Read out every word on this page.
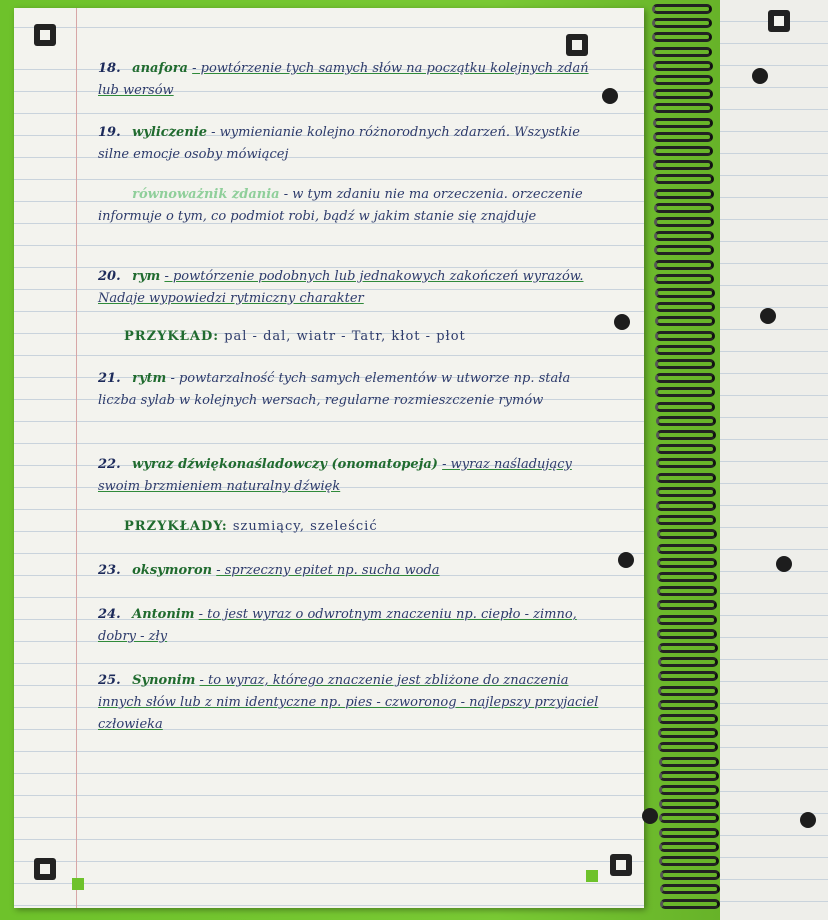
18. anafora - powtórzenie tych samych słów na początku kolejnych zdań lub wersów
19. wyliczenie - wymienianie kolejno różnorodnych zdarzeń. Wszystkie silne emocje osoby mówiącej
równoważnik zdania - w tym zdaniu nie ma orzeczenia. orzeczenie informuje o tym, co podmiot robi, bądź w jakim stanie się znajduje
20. rym - powtórzenie podobnych lub jednakowych zakończeń wyrazów. Nadaje wypowiedzi rytmiczny charakter
PRZYKŁAD: pal - dal, wiatr - Tatr, kłot - płot
21. rytm - powtarzalność tych samych elementów w utworze np. stała liczba sylab w kolejnych wersach, regularne rozmieszczenie rymów
22. wyraz dźwiękonaśladowczy (onomatopeja) - wyraz naśladujący swoim brzmieniem naturalny dźwięk
PRZYKŁADY: szumiący, szeleścić
23. oksymoron - sprzeczny epitet np. sucha woda
24. Antonim - to jest wyraz o odwrotnym znaczeniu np. ciepło - zimno, dobry - zły
25. Synonim - to wyraz, którego znaczenie jest zbliżone do znaczenia innych słów lub z nim identyczne np. pies - czworonog - najlepszy przyjaciel człowieka
